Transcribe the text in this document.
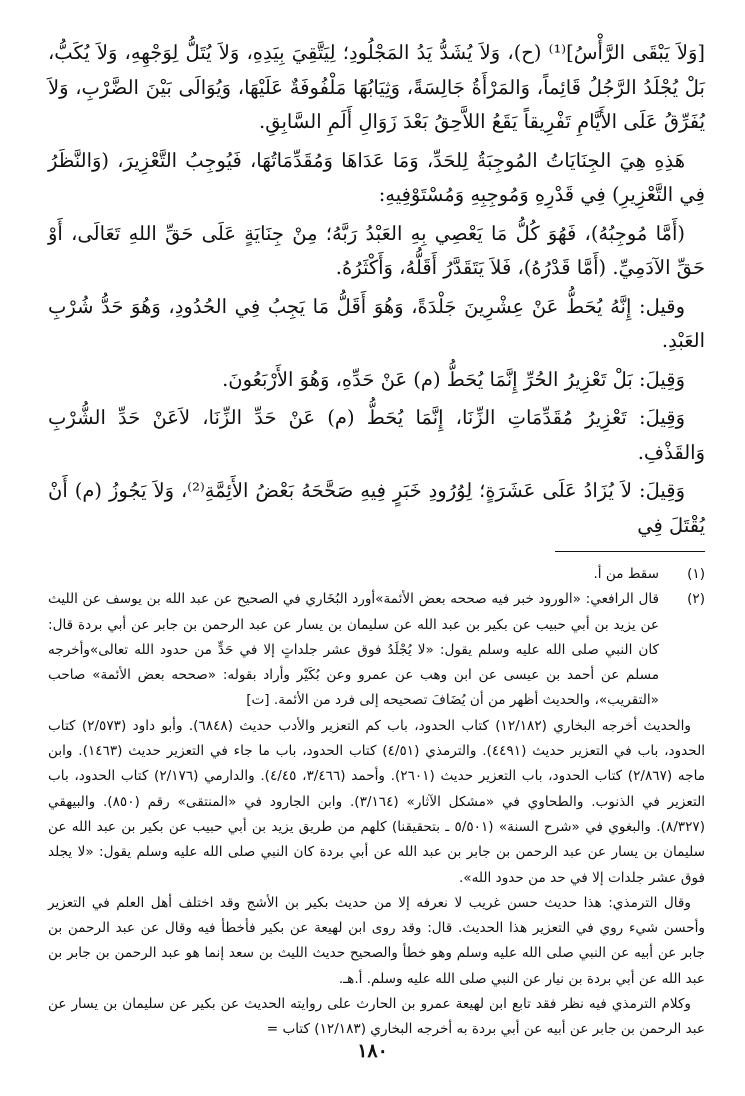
[وَلاَ يَبْقَى الرَّأْسُ]⁽¹⁾ (ح)، وَلاَ يُشَدُّ يَدُ المَجْلُودِ؛ لِيَتَّقِيَ بِيَدِهِ، وَلاَ يُتَلُّ لِوَجْهِهِ، وَلاَ يُكَبُّ، بَلْ يُجْلَدُ الرَّجُلُ قَائِماً، وَالمَرْأَةُ جَالِسَةً، وَثِيَابُهَا مَلْفُوفَةٌ عَلَيْهَا، وَيُوَالَى بَيْنَ الضَّرْبِ، وَلاَ يُفَرِّقُ عَلَى الأَيَّامِ تَفْرِيقاً يَقَعُ اللاَّحِقُ بَعْدَ زَوَالِ أَلَمِ السَّابِقِ.

هَذِهِ هِيَ الجِنَايَاتُ المُوجِبَةُ لِلحَدِّ، وَمَا عَدَاهَا وَمُقَدِّمَاتُهَا، فَيُوجِبُ التَّعْزِيرَ، (وَالنَّظَرُ فِي التَّعْزِيرِ) فِي قَدْرِهِ وَمُوجِبِهِ وَمُسْتَوْفِيهِ:

(أَمَّا مُوجِبُهُ)، فَهُوَ كُلُّ مَا يَعْصِي بِهِ العَبْدُ رَبَّهُ؛ مِنْ جِنَايَةٍ عَلَى حَقِّ اللهِ تَعَالَى، أَوْ حَقِّ الآدَمِيِّ. (أَمَّا قَدْرُهُ)، فَلاَ يَتَقَدَّرُ أَقَلُّهُ، وَأَكْثَرُهُ.

وقيل: إِنَّهُ يُحَطُّ عَنْ عِشْرِينَ جَلْدَةً، وَهُوَ أَقَلُّ مَا يَجِبُ فِي الحُدُودِ، وَهُوَ حَدُّ شُرْبِ العَبْدِ.

وَقِيلَ: بَلْ تَعْزِيرُ الحُرِّ إِنَّمَا يُحَطُّ (م) عَنْ حَدِّهِ، وَهُوَ الأَرْبَعُونَ.

وَقِيلَ: تَعْزِيرُ مُقَدِّمَاتِ الزِّنَا، إِنَّمَا يُحَطُّ (م) عَنْ حَدِّ الزِّنَا، لاَعَنْ حَدِّ الشُّرْبِ وَالقَذْفِ.

وَقِيلَ: لاَ يُزَادُ عَلَى عَشَرَةٍ؛ لِوُرُودِ خَبَرٍ فِيهِ صَحَّحَهُ بَعْضُ الأَئِمَّةِ⁽²⁾، وَلاَ يَجُوزُ (م) أَنْ يُقْتَلَ فِي

(١)
سقط من أ.
(٢)
قال الرافعي: «الورود خبر فيه صححه بعض الأئمة»أورد البُخَاري في الصحيح عن عبد الله بن يوسف عن الليث عن يزيد بن أبي حبيب عن بكير بن عبد الله عن سليمان بن يسار عن عبد الرحمن بن جابر عن أبي بردة قال: كان النبي صلى الله عليه وسلم يقول: «لا يُجْلَدُ فوق عشر جلداتٍ إلا في حَدٍّ من حدود الله تعالى»وأخرجه مسلم عن أحمد بن عيسى عن ابن وهب عن عمرو وعن بُكَيْر وأراد بقوله: «صححه بعض الأئمة» صاحب «التقريب»، والحديث أظهر من أن يُضَافَ تصحيحه إلى فرد من الأئمة. [ت]

والحديث أخرجه البخاري (١٢/١٨٢) كتاب الحدود، باب كم التعزير والأدب حديث (٦٨٤٨). وأبو داود (٢/٥٧٣) كتاب الحدود، باب في التعزير حديث (٤٤٩١). والترمذي (٤/٥١) كتاب الحدود، باب ما جاء في التعزير حديث (١٤٦٣). وابن ماجه (٢/٨٦٧) كتاب الحدود، باب التعزير حديث (٢٦٠١). وأحمد (٣/٤٦٦، ٤/٤٥). والدارمي (٢/١٧٦) كتاب الحدود، باب التعزير في الذنوب. والطحاوي في «مشكل الآثار» (٣/١٦٤). وابن الجارود في «المنتقى» رقم (٨٥٠). والبيهقي (٨/٣٢٧). والبغوي في «شرح السنة» (٥/٥٠١ ـ بتحقيقنا) كلهم من طريق يزيد بن أبي حبيب عن بكير بن عبد الله عن سليمان بن يسار عن عبد الرحمن بن جابر بن عبد الله عن أبي بردة كان النبي صلى الله عليه وسلم يقول: «لا يجلد فوق عشر جلدات إلا في حد من حدود الله».

وقال الترمذي: هذا حديث حسن غريب لا نعرفه إلا من حديث بكير بن الأشج وقد اختلف أهل العلم في التعزير وأحسن شيء روي في التعزير هذا الحديث. قال: وقد روى ابن لهيعة عن بكير فأخطأ فيه وقال عن عبد الرحمن بن جابر عن أبيه عن النبي صلى الله عليه وسلم وهو خطأ والصحيح حديث الليث بن سعد إنما هو عبد الرحمن بن جابر بن عبد الله عن أبي بردة بن نيار عن النبي صلى الله عليه وسلم. أ.هـ.

وكلام الترمذي فيه نظر فقد تابع ابن لهيعة عمرو بن الحارث على روايته الحديث عن بكير عن سليمان بن يسار عن عبد الرحمن بن جابر عن أبيه عن أبي بردة به أخرجه البخاري (١٢/١٨٣) كتاب =

١٨٠
